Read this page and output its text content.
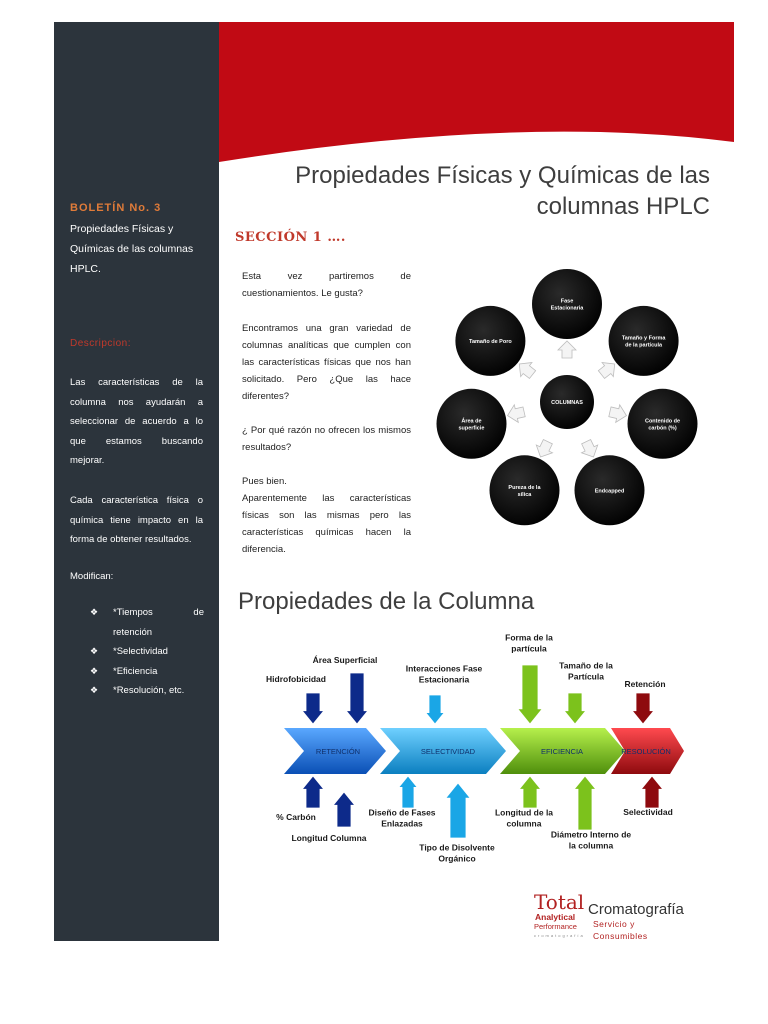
BOLETÍN No. 3
Propiedades Físicas y Químicas de las columnas HPLC.
Descripcion:
Las características de la columna nos ayudarán a seleccionar de acuerdo a lo que estamos buscando mejorar.
Cada característica física o química tiene impacto en la forma de obtener resultados.
Modifican:
❖	*Tiempos de retención
❖	*Selectividad
❖	*Eficiencia
❖	*Resolución, etc.
Propiedades Físicas y Químicas de las columnas HPLC
SECCIÓN 1 ….
Esta vez partiremos de cuestionamientos. Le gusta?
Encontramos una gran variedad de columnas analíticas que cumplen con las características físicas que nos han solicitado. Pero ¿Que las hace diferentes?
¿ Por qué razón no ofrecen los mismos resultados?
Pues bien.
Aparentemente las características físicas son las mismas pero las características químicas hacen la diferencia.
Fase Estacionaria
Tamaño y Forma de la partícula
Contenido de carbón (%)
Endcapped
Pureza de la sílica
Área de superficie
Tamaño de Poro
COLUMNAS
Propiedades de la Columna
RETENCIÓN	SELECTIVIDAD	EFICIENCIA	RESOLUCIÓN
Hidrofobicidad
Área Superficial
Interacciones Fase Estacionaria
Forma de la partícula
Tamaño de la Partícula
Retención
% Carbón
Longitud Columna
Diseño de Fases Enlazadas
Tipo de Disolvente Orgánico
Longitud de la columna
Diámetro Interno de la columna
Selectividad
Total
Analytical
Performance
cromatografía
Cromatografía
Servicio y
Consumibles
